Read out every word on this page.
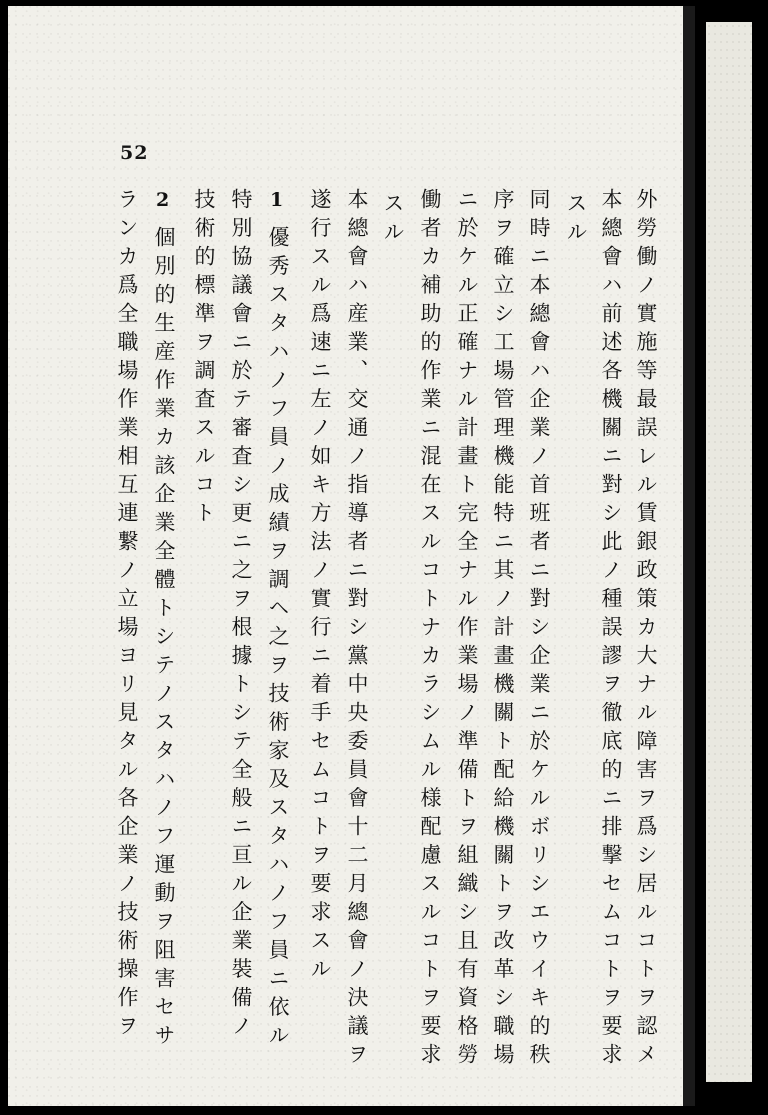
52
外勞働ノ實施等最誤レル賃銀政策カ大ナル障害ヲ爲シ居ルコトヲ認メ
本總會ハ前述各機關ニ對シ此ノ種誤謬ヲ徹底的ニ排撃セムコトヲ要求
スル
同時ニ本總會ハ企業ノ首班者ニ對シ企業ニ於ケルボリシエウイキ的秩
序ヲ確立シ工場管理機能特ニ其ノ計畫機關ト配給機關トヲ改革シ職場
ニ於ケル正確ナル計畫ト完全ナル作業場ノ準備トヲ組織シ且有資格勞
働者カ補助的作業ニ混在スルコトナカラシムル様配慮スルコトヲ要求
スル
本總會ハ産業、交通ノ指導者ニ對シ黨中央委員會十二月總會ノ決議ヲ
遂行スル爲速ニ左ノ如キ方法ノ實行ニ着手セムコトヲ要求スル
1
優秀スタハノフ員ノ成績ヲ調ヘ之ヲ技術家及スタハノフ員ニ依ル
特別協議會ニ於テ審査シ更ニ之ヲ根據トシテ全般ニ亘ル企業裝備ノ
技術的標準ヲ調査スルコト
2
個別的生産作業カ該企業全體トシテノスタハノフ運動ヲ阻害セサ
ランカ爲全職場作業相互連繋ノ立場ヨリ見タル各企業ノ技術操作ヲ
